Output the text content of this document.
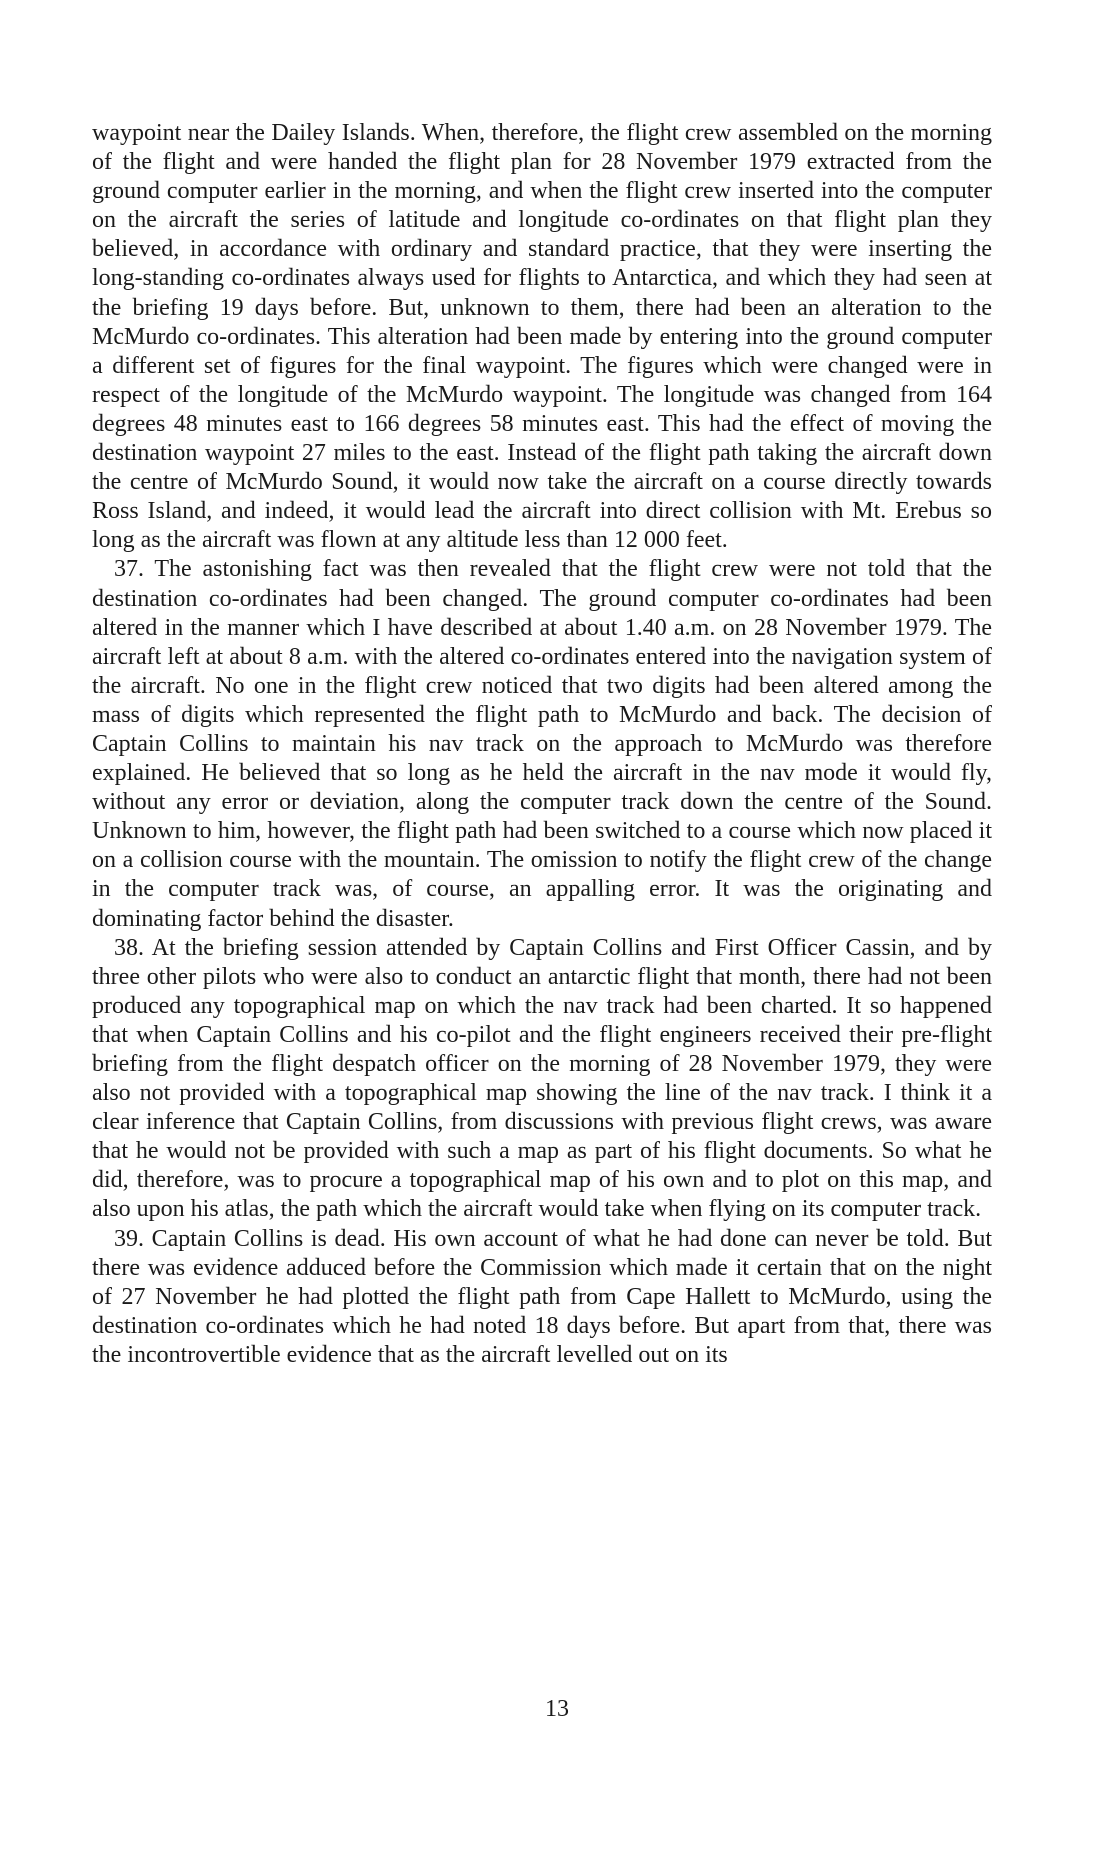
waypoint near the Dailey Islands. When, therefore, the flight crew assembled on the morning of the flight and were handed the flight plan for 28 November 1979 extracted from the ground computer earlier in the morning, and when the flight crew inserted into the computer on the aircraft the series of latitude and longitude co-ordinates on that flight plan they believed, in accordance with ordinary and standard practice, that they were inserting the long-standing co-ordinates always used for flights to Antarctica, and which they had seen at the briefing 19 days before. But, unknown to them, there had been an alteration to the McMurdo co-ordinates. This alteration had been made by entering into the ground computer a different set of figures for the final waypoint. The figures which were changed were in respect of the longitude of the McMurdo waypoint. The longitude was changed from 164 degrees 48 minutes east to 166 degrees 58 minutes east. This had the effect of moving the destination waypoint 27 miles to the east. Instead of the flight path taking the aircraft down the centre of McMurdo Sound, it would now take the aircraft on a course directly towards Ross Island, and indeed, it would lead the aircraft into direct collision with Mt. Erebus so long as the aircraft was flown at any altitude less than 12 000 feet.

37. The astonishing fact was then revealed that the flight crew were not told that the destination co-ordinates had been changed. The ground computer co-ordinates had been altered in the manner which I have described at about 1.40 a.m. on 28 November 1979. The aircraft left at about 8 a.m. with the altered co-ordinates entered into the navigation system of the aircraft. No one in the flight crew noticed that two digits had been altered among the mass of digits which represented the flight path to McMurdo and back. The decision of Captain Collins to maintain his nav track on the approach to McMurdo was therefore explained. He believed that so long as he held the aircraft in the nav mode it would fly, without any error or deviation, along the computer track down the centre of the Sound. Unknown to him, however, the flight path had been switched to a course which now placed it on a collision course with the mountain. The omission to notify the flight crew of the change in the computer track was, of course, an appalling error. It was the originating and dominating factor behind the disaster.

38. At the briefing session attended by Captain Collins and First Officer Cassin, and by three other pilots who were also to conduct an antarctic flight that month, there had not been produced any topographical map on which the nav track had been charted. It so happened that when Captain Collins and his co-pilot and the flight engineers received their pre-flight briefing from the flight despatch officer on the morning of 28 November 1979, they were also not provided with a topographical map showing the line of the nav track. I think it a clear inference that Captain Collins, from discussions with previous flight crews, was aware that he would not be provided with such a map as part of his flight documents. So what he did, therefore, was to procure a topographical map of his own and to plot on this map, and also upon his atlas, the path which the aircraft would take when flying on its computer track.

39. Captain Collins is dead. His own account of what he had done can never be told. But there was evidence adduced before the Commission which made it certain that on the night of 27 November he had plotted the flight path from Cape Hallett to McMurdo, using the destination co-ordinates which he had noted 18 days before. But apart from that, there was the incontrovertible evidence that as the aircraft levelled out on its

13
